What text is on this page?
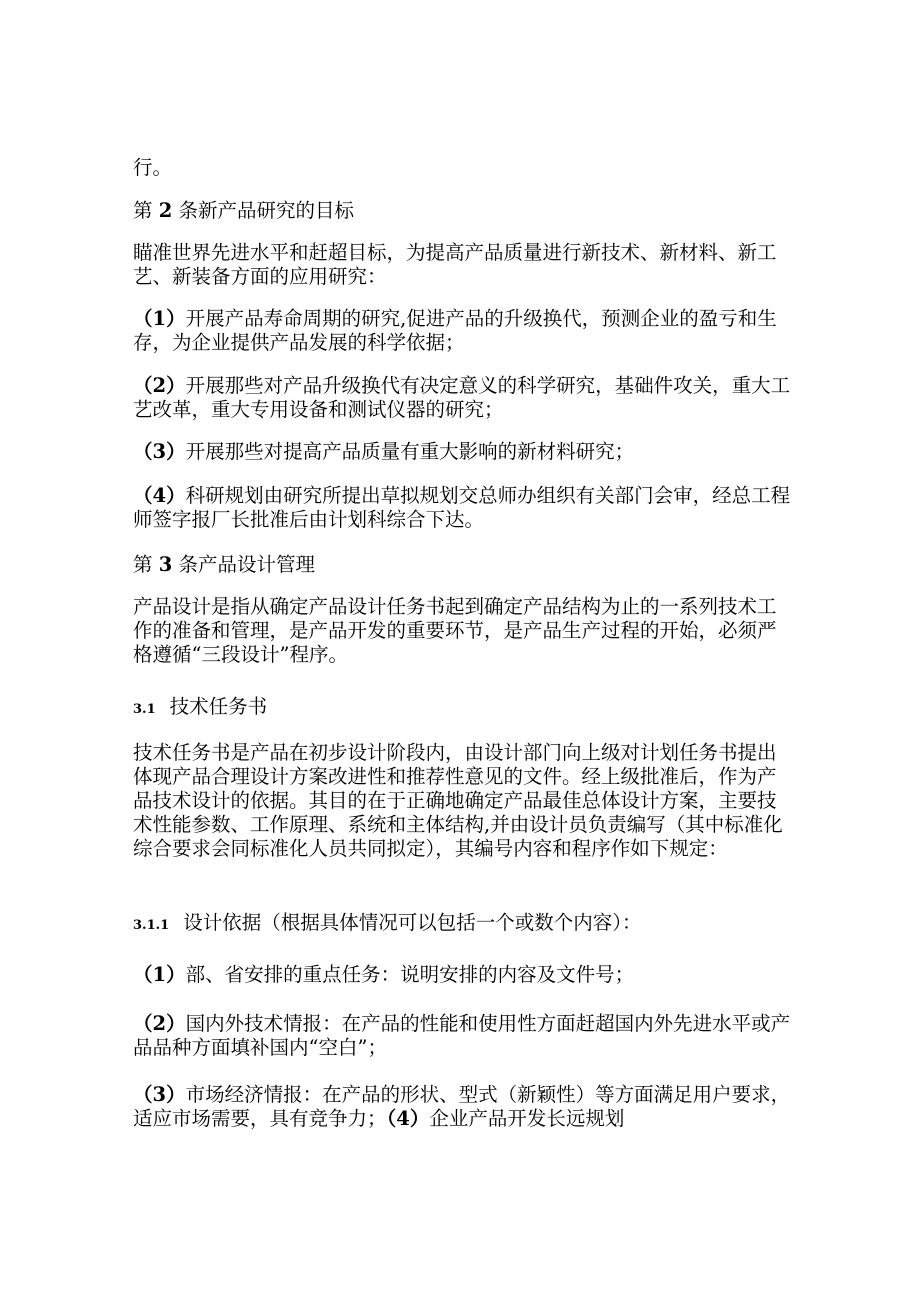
行。

第 2 条新产品研究的目标

瞄准世界先进水平和赶超目标，为提高产品质量进行新技术、新材料、新工艺、新装备方面的应用研究：

（1）开展产品寿命周期的研究,促进产品的升级换代，预测企业的盈亏和生存，为企业提供产品发展的科学依据；

（2）开展那些对产品升级换代有决定意义的科学研究，基础件攻关，重大工艺改革，重大专用设备和测试仪器的研究；

（3）开展那些对提高产品质量有重大影响的新材料研究；

（4）科研规划由研究所提出草拟规划交总师办组织有关部门会审，经总工程师签字报厂长批准后由计划科综合下达。

第 3 条产品设计管理

产品设计是指从确定产品设计任务书起到确定产品结构为止的一系列技术工作的准备和管理，是产品开发的重要环节，是产品生产过程的开始，必须严格遵循“三段设计”程序。

3.1 技术任务书

技术任务书是产品在初步设计阶段内，由设计部门向上级对计划任务书提出体现产品合理设计方案改进性和推荐性意见的文件。经上级批准后，作为产品技术设计的依据。其目的在于正确地确定产品最佳总体设计方案，主要技术性能参数、工作原理、系统和主体结构,并由设计员负责编写（其中标准化综合要求会同标准化人员共同拟定），其编号内容和程序作如下规定：

3.1.1 设计依据（根据具体情况可以包括一个或数个内容）：

（1）部、省安排的重点任务：说明安排的内容及文件号；

（2）国内外技术情报：在产品的性能和使用性方面赶超国内外先进水平或产品品种方面填补国内“空白”；

（3）市场经济情报：在产品的形状、型式（新颖性）等方面满足用户要求，适应市场需要，具有竞争力；（4）企业产品开发长远规划
